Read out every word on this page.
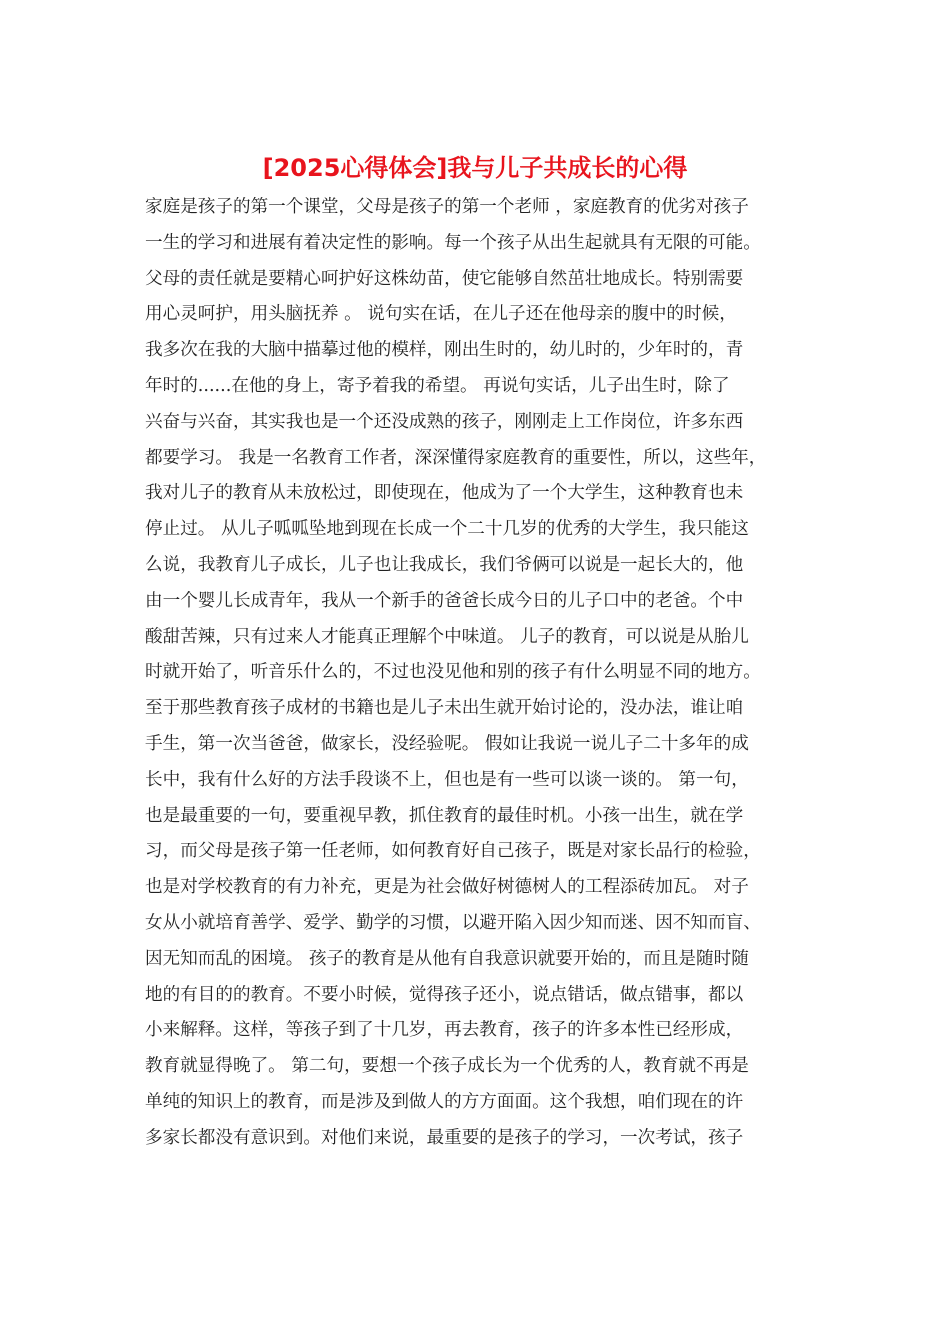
[2025心得体会]我与儿子共成长的心得
家庭是孩子的第一个课堂，父母是孩子的第一个老师 ，家庭教育的优劣对孩子
一生的学习和进展有着决定性的影响。每一个孩子从出生起就具有无限的可能。
父母的责任就是要精心呵护好这株幼苗，使它能够自然茁壮地成长。特别需要
用心灵呵护，用头脑抚养 。 说句实在话，在儿子还在他母亲的腹中的时候，
我多次在我的大脑中描摹过他的模样，刚出生时的，幼儿时的，少年时的，青
年时的......在他的身上，寄予着我的希望。 再说句实话，儿子出生时，除了
兴奋与兴奋，其实我也是一个还没成熟的孩子，刚刚走上工作岗位，许多东西
都要学习。 我是一名教育工作者，深深懂得家庭教育的重要性，所以，这些年，
我对儿子的教育从未放松过，即使现在，他成为了一个大学生，这种教育也未
停止过。 从儿子呱呱坠地到现在长成一个二十几岁的优秀的大学生，我只能这
么说，我教育儿子成长，儿子也让我成长，我们爷俩可以说是一起长大的，他
由一个婴儿长成青年，我从一个新手的爸爸长成今日的儿子口中的老爸。个中
酸甜苦辣，只有过来人才能真正理解个中味道。 儿子的教育，可以说是从胎儿
时就开始了，听音乐什么的，不过也没见他和别的孩子有什么明显不同的地方。
至于那些教育孩子成材的书籍也是儿子未出生就开始讨论的，没办法，谁让咱
手生，第一次当爸爸，做家长，没经验呢。 假如让我说一说儿子二十多年的成
长中，我有什么好的方法手段谈不上，但也是有一些可以谈一谈的。 第一句，
也是最重要的一句，要重视早教，抓住教育的最佳时机。小孩一出生，就在学
习，而父母是孩子第一任老师，如何教育好自己孩子，既是对家长品行的检验，
也是对学校教育的有力补充，更是为社会做好树德树人的工程添砖加瓦。 对子
女从小就培育善学、爱学、勤学的习惯，以避开陷入因少知而迷、因不知而盲、
因无知而乱的困境。 孩子的教育是从他有自我意识就要开始的，而且是随时随
地的有目的的教育。不要小时候，觉得孩子还小，说点错话，做点错事，都以
小来解释。这样，等孩子到了十几岁，再去教育，孩子的许多本性已经形成，
教育就显得晚了。 第二句，要想一个孩子成长为一个优秀的人，教育就不再是
单纯的知识上的教育，而是涉及到做人的方方面面。这个我想，咱们现在的许
多家长都没有意识到。对他们来说，最重要的是孩子的学习，一次考试，孩子
